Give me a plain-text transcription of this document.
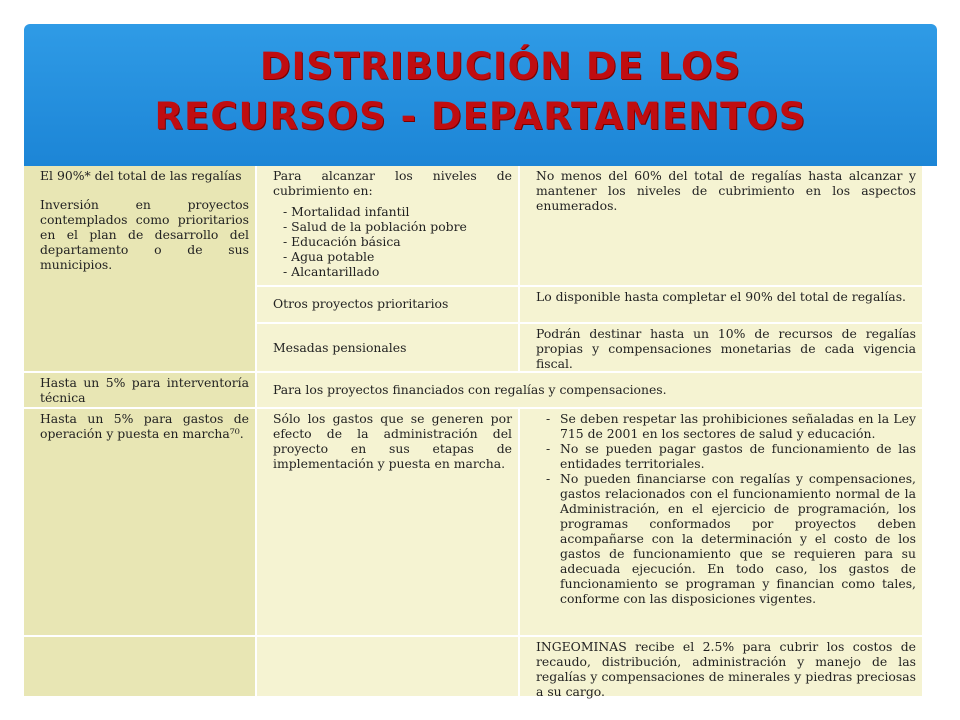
DISTRIBUCIÓN DE LOS
RECURSOS - DEPARTAMENTOS

El 90%* del total de las regalías

Inversión en proyectos contemplados como prioritarios en el plan de desarrollo del departamento o de sus municipios.

Para alcanzar los niveles de cubrimiento en:

- Mortalidad infantil
- Salud de la población pobre
- Educación básica
- Agua potable
- Alcantarillado

No menos del 60% del total de regalías hasta alcanzar y mantener los niveles de cubrimiento en los aspectos enumerados.

Otros proyectos prioritarios	Lo disponible hasta completar el 90% del total de regalías.

Mesadas pensionales

Podrán destinar hasta un 10% de recursos de regalías propias y compensaciones monetarias de cada vigencia fiscal.

Hasta un 5% para interventoría técnica

Para los proyectos financiados con regalías y compensaciones.

Hasta un 5% para gastos de operación y puesta en marcha⁷⁰.

Sólo los gastos que se generen por efecto de la administración del proyecto en sus etapas de implementación y puesta en marcha.

- Se deben respetar las prohibiciones señaladas en la Ley 715 de 2001 en los sectores de salud y educación.
- No se pueden pagar gastos de funcionamiento de las entidades territoriales.
- No pueden financiarse con regalías y compensaciones, gastos relacionados con el funcionamiento normal de la Administración, en el ejercicio de programación, los programas conformados por proyectos deben acompañarse con la determinación y el costo de los gastos de funcionamiento que se requieren para su adecuada ejecución. En todo caso, los gastos de funcionamiento se programan y financian como tales, conforme con las disposiciones vigentes.

INGEOMINAS recibe el 2.5% para cubrir los costos de recaudo, distribución, administración y manejo de las regalías y compensaciones de minerales y piedras preciosas a su cargo.
